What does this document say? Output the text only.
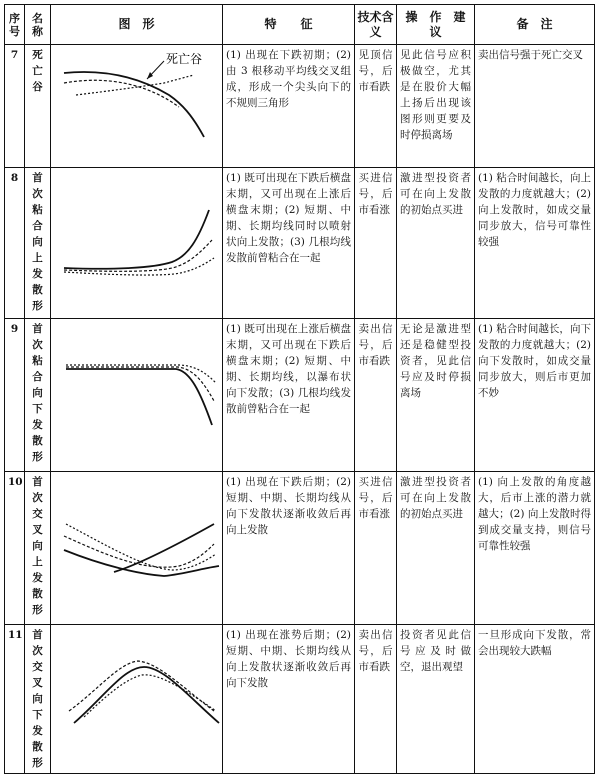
序号	名称	图　形	特　　征	技术含义	操　作　建　议	备　注
7	死亡谷	死亡谷	(1) 出现在下跌初期；(2) 由 3 根移动平均线交叉组成，形成一个尖头向下的不规则三角形	见顶信号，后市看跌	见此信号应积极做空，尤其是在股价大幅上扬后出现该图形则更要及时停损离场	卖出信号强于死亡交叉

8	首次粘合向上发散形		(1) 既可出现在下跌后横盘末期，又可出现在上涨后横盘末期；(2) 短期、中期、长期均线同时以喷射状向上发散；(3) 几根均线发散前曾粘合在一起	买进信号，后市看涨	激进型投资者可在向上发散的初始点买进	(1) 粘合时间越长，向上发散的力度就越大；(2) 向上发散时，如成交量同步放大，信号可靠性较强

9	首次粘合向下发散形		(1) 既可出现在上涨后横盘末期，又可出现在下跌后横盘末期；(2) 短期、中期、长期均线，以瀑布状向下发散；(3) 几根均线发散前曾粘合在一起	卖出信号，后市看跌	无论是激进型还是稳健型投资者，见此信号应及时停损离场	(1) 粘合时间越长，向下发散的力度就越大；(2) 向下发散时，如成交量同步放大，则后市更加不妙

10	首次交叉向上发散形		(1) 出现在下跌后期；(2) 短期、中期、长期均线从向下发散状逐渐收敛后再向上发散	买进信号，后市看涨	激进型投资者可在向上发散的初始点买进	(1) 向上发散的角度越大，后市上涨的潜力就越大；(2) 向上发散时得到成交量支持，则信号可靠性较强

11	首次交叉向下发散形		(1) 出现在涨势后期；(2) 短期、中期、长期均线从向上发散状逐渐收敛后再向下发散	卖出信号，后市看跌	投资者见此信号应及时做空，退出观望	一旦形成向下发散，常会出现较大跌幅
